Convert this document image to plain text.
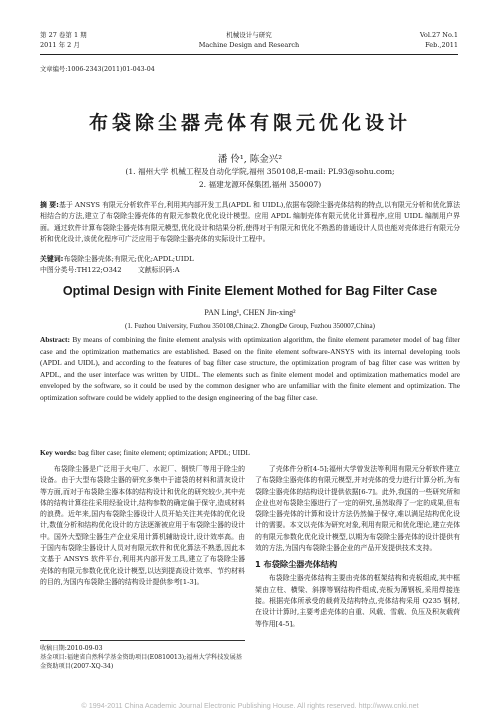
第 27 卷第 1 期
2011 年 2 月
机械设计与研究
Machine Design and Research
Vol.27 No.1
Feb.,2011
文章编号:1006-2343(2011)01-043-04
布袋除尘器壳体有限元优化设计
潘 伶¹, 陈金兴²
(1. 福州大学 机械工程及自动化学院,福州 350108,E-mail: PL93@sohu.com;
2. 福建龙源环保集团,福州 350007)
摘 要:基于 ANSYS 有限元分析软件平台,利用其内部开发工具(APDL 和 UIDL),依据布袋除尘器壳体结构的特点,以有限元分析和优化算法相结合的方法,建立了布袋除尘器壳体的有限元参数化优化设计模型。应用 APDL 编制壳体有限元优化计算程序,应用 UIDL 编制用户界面。通过软件计算布袋除尘器壳体有限元模型,优化设计和结果分析,使得对于有限元和优化不熟悉的普通设计人员也能对壳体进行有限元分析和优化设计,该优化程序可广泛应用于布袋除尘器壳体的实际设计工程中。
关键词:布袋除尘器壳体;有限元;优化;APDL;UIDL
中图分类号:TH122;O342 文献标识码:A
Optimal Design with Finite Element Mothed for Bag Filter Case
PAN Ling¹, CHEN Jin-xing²
(1. Fuzhou University, Fuzhou 350108,China;2. ZhongDe Group, Fuzhou 350007,China)
Abstract: By means of combining the finite element analysis with optimization algorithm, the finite element parameter model of bag filter case and the optimization mathematics are established. Based on the finite element software-ANSYS with its internal developing tools (APDL and UIDL), and according to the features of bag filter case structure, the optimization program of bag filter case was written by APDL, and the user interface was written by UIDL. The elements such as finite element model and optimization mathematics model are enveloped by the software, so it could be used by the common designer who are unfamiliar with the finite element and optimization. The optimization software could be widely applied to the design engineering of the bag filter case.
Key words: bag filter case; finite element; optimization; APDL; UIDL

布袋除尘器是广泛用于火电厂、水泥厂、钢铁厂等用于除尘的设备。由于大型布袋除尘器的研究多集中于滤袋的材料和清灰设计等方面,而对于布袋除尘器本体的结构设计和优化的研究较少,其中壳体的结构计算往往采用经验设计,结构参数的确定偏于保守,造成材料的浪费。近年来,国内布袋除尘器设计人员开始关注其壳体的优化设计,数值分析和结构优化设计的方法逐渐被应用于布袋除尘器的设计中。国外大型除尘器生产企业采用计算机辅助设计,设计效率高。由于国内布袋除尘器设计人员对有限元软件和优化算法不熟悉,因此本文基于 ANSYS 软件平台,利用其内部开发工具,建立了布袋除尘器壳体的有限元参数化优化设计模型,以达到提高设计效率、节约材料的目的,为国内布袋除尘器的结构设计提供参考[1-3]。

了壳体件分析[4-5];福州大学曾发法等利用有限元分析软件建立了布袋除尘器壳体的有限元模型,并对壳体的受力进行计算分析,为布袋除尘器壳体的结构设计提供依据[6-7]。此外,我国的一些研究所和企业也对布袋除尘器进行了一定的研究,虽然取得了一定的成果,但布袋除尘器壳体的计算和设计方法仍然偏于保守,难以满足结构优化设计的需要。本文以壳体为研究对象,利用有限元和优化理论,建立壳体的有限元参数化优化设计模型,以期为布袋除尘器壳体的设计提供有效的方法,为国内布袋除尘器企业的产品开发提供技术支持。

1 布袋除尘器壳体结构

布袋除尘器壳体结构主要由壳体的框架结构和壳板组成,其中框架由立柱、横梁、斜撑等钢结构件组成,壳板为薄钢板,采用焊接连接。根据壳体所承受的载荷及结构特点,壳体结构采用 Q235 钢材,在设计计算时,主要考虑壳体的自重、风载、雪载、负压及积灰载荷等作用[4-5]。

收稿日期:2010-09-03
基金项目:福建省自然科学基金资助项目(E0810013);福州大学科技发展基金资助项目(2007-XQ-34)
© 1994-2011 China Academic Journal Electronic Publishing House. All rights reserved. http://www.cnki.net
